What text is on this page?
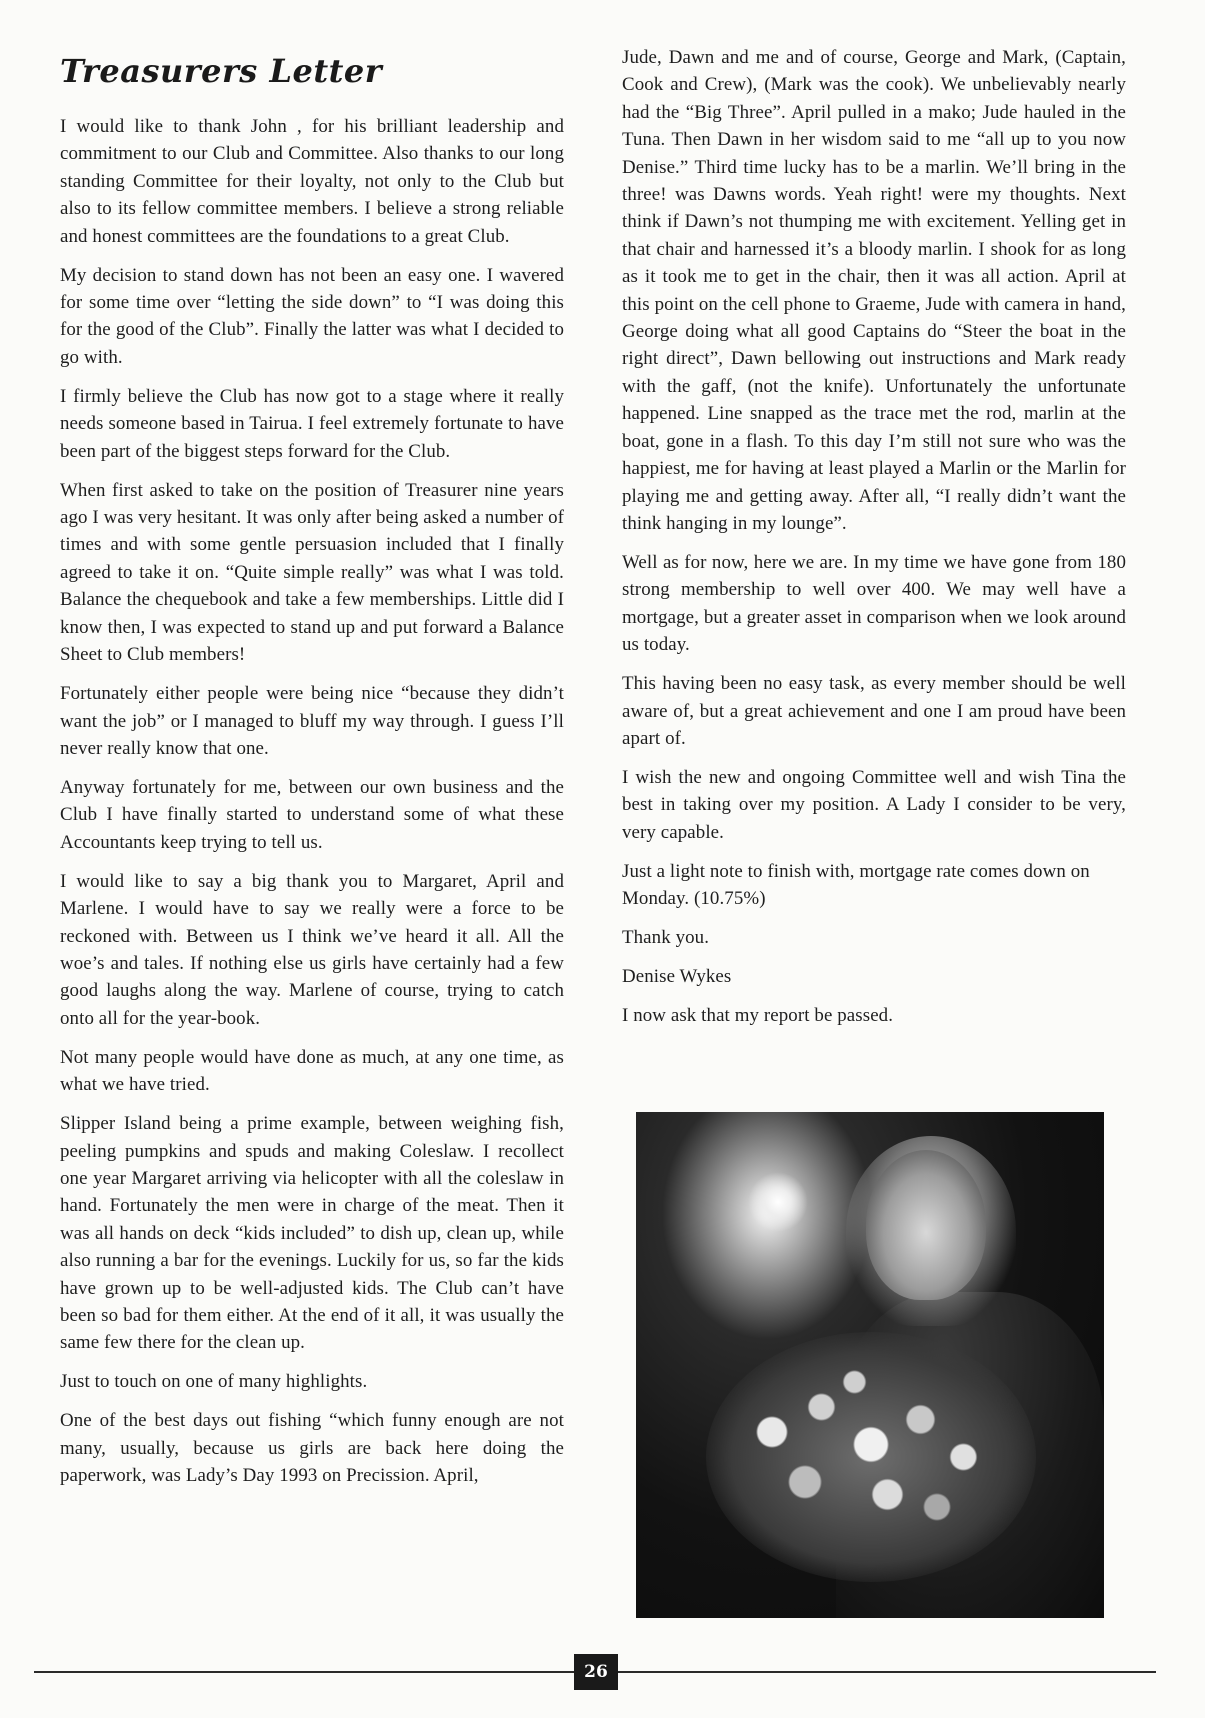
Treasurers Letter

I would like to thank John , for his brilliant leadership and commitment to our Club and Committee. Also thanks to our long standing Committee for their loyalty, not only to the Club but also to its fellow committee members. I believe a strong reliable and honest committees are the foundations to a great Club.

My decision to stand down has not been an easy one. I wavered for some time over “letting the side down” to “I was doing this for the good of the Club”. Finally the latter was what I decided to go with.

I firmly believe the Club has now got to a stage where it really needs someone based in Tairua. I feel extremely fortunate to have been part of the biggest steps forward for the Club.

When first asked to take on the position of Treasurer nine years ago I was very hesitant. It was only after being asked a number of times and with some gentle persuasion included that I finally agreed to take it on. “Quite simple really” was what I was told. Balance the chequebook and take a few memberships. Little did I know then, I was expected to stand up and put forward a Balance Sheet to Club members!

Fortunately either people were being nice “because they didn’t want the job” or I managed to bluff my way through. I guess I’ll never really know that one.

Anyway fortunately for me, between our own business and the Club I have finally started to understand some of what these Accountants keep trying to tell us.

I would like to say a big thank you to Margaret, April and Marlene. I would have to say we really were a force to be reckoned with. Between us I think we’ve heard it all. All the woe’s and tales. If nothing else us girls have certainly had a few good laughs along the way. Marlene of course, trying to catch onto all for the year-book.

Not many people would have done as much, at any one time, as what we have tried.

Slipper Island being a prime example, between weighing fish, peeling pumpkins and spuds and making Coleslaw. I recollect one year Margaret arriving via helicopter with all the coleslaw in hand. Fortunately the men were in charge of the meat. Then it was all hands on deck “kids included” to dish up, clean up, while also running a bar for the evenings. Luckily for us, so far the kids have grown up to be well-adjusted kids. The Club can’t have been so bad for them either. At the end of it all, it was usually the same few there for the clean up.

Just to touch on one of many highlights.

One of the best days out fishing “which funny enough are not many, usually, because us girls are back here doing the paperwork, was Lady’s Day 1993 on Precission. April,

Jude, Dawn and me and of course, George and Mark, (Captain, Cook and Crew), (Mark was the cook). We unbelievably nearly had the “Big Three”. April pulled in a mako; Jude hauled in the Tuna. Then Dawn in her wisdom said to me “all up to you now Denise.” Third time lucky has to be a marlin. We’ll bring in the three! was Dawns words. Yeah right! were my thoughts. Next think if Dawn’s not thumping me with excitement. Yelling get in that chair and harnessed it’s a bloody marlin. I shook for as long as it took me to get in the chair, then it was all action. April at this point on the cell phone to Graeme, Jude with camera in hand, George doing what all good Captains do “Steer the boat in the right direct”, Dawn bellowing out instructions and Mark ready with the gaff, (not the knife). Unfortunately the unfortunate happened. Line snapped as the trace met the rod, marlin at the boat, gone in a flash. To this day I’m still not sure who was the happiest, me for having at least played a Marlin or the Marlin for playing me and getting away. After all, “I really didn’t want the think hanging in my lounge”.

Well as for now, here we are. In my time we have gone from 180 strong membership to well over 400. We may well have a mortgage, but a greater asset in comparison when we look around us today.

This having been no easy task, as every member should be well aware of, but a great achievement and one I am proud have been apart of.

I wish the new and ongoing Committee well and wish Tina the best in taking over my position. A Lady I consider to be very, very capable.

Just a light note to finish with, mortgage rate comes down on Monday. (10.75%)

Thank you.

Denise Wykes

I now ask that my report be passed.

26
